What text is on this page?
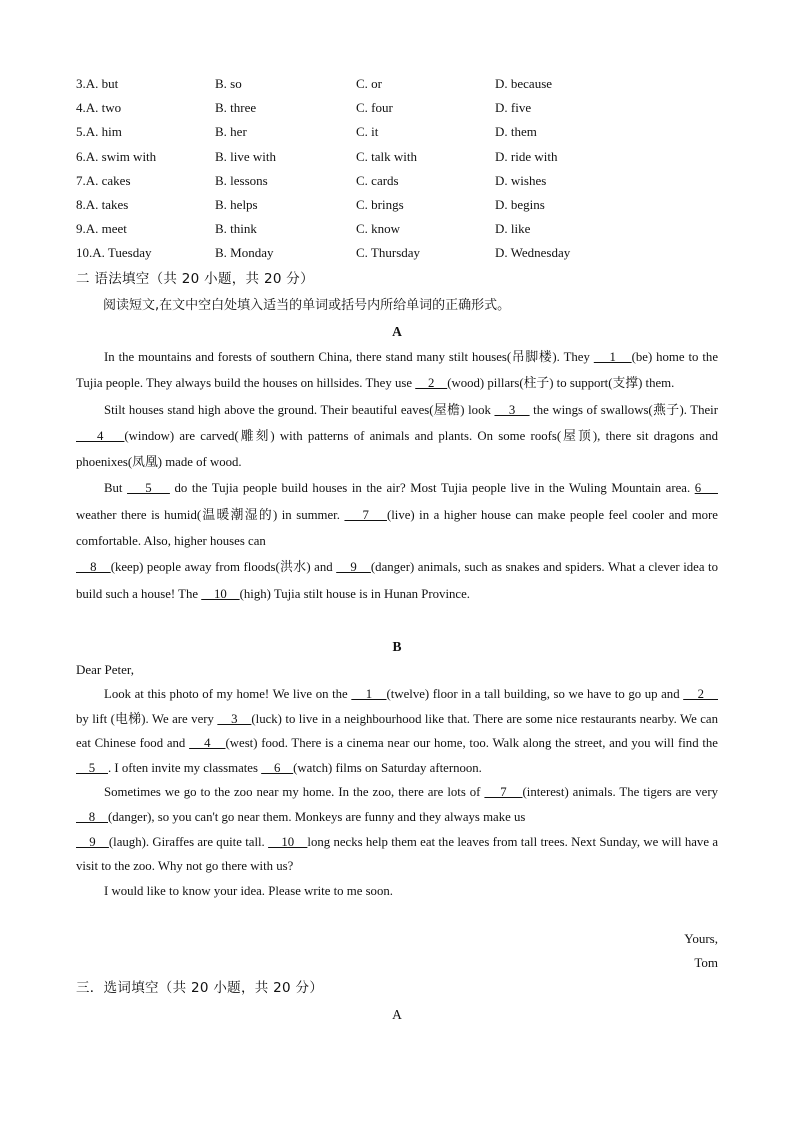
3.A. but	B. so	C. or	D. because
4.A. two	B. three	C. four	D. five
5.A. him	B. her	C. it	D. them
6.A. swim with	B. live with	C. talk with	D. ride with
7.A. cakes	B. lessons	C. cards	D. wishes
8.A. takes	B. helps	C. brings	D. begins
9.A. meet	B. think	C. know	D. like
10.A. Tuesday	B. Monday	C. Thursday	D. Wednesday
二 语法填空（共 20 小题，共 20 分）
阅读短文,在文中空白处填入适当的单词或括号内所给单词的正确形式。
A

In the mountains and forests of southern China, there stand many stilt houses(吊脚楼). They     1    (be) home to the Tujia people. They always build the houses on hillsides. They use     2    (wood) pillars(柱子) to support(支撑) them.

Stilt houses stand high above the ground. Their beautiful eaves(屋檐) look     3     the wings of swallows(燕子). Their     4    (window) are carved(雕刻) with patterns of animals and plants. On some roofs(屋顶), there sit dragons and phoenixes(凤凰) made of wood.

But     5     do the Tujia people build houses in the air? Most Tujia people live in the Wuling Mountain area. 6     weather there is humid(温暖潮湿的) in summer.     7    (live) in a higher house can make people feel cooler and more comfortable. Also, higher houses can

8    (keep) people away from floods(洪水) and     9    (danger) animals, such as snakes and spiders. What a clever idea to build such a house! The     10    (high) Tujia stilt house is in Hunan Province.

B
Dear Peter,

Look at this photo of my home! We live on the     1    (twelve) floor in a tall building, so we have to go up and     2     by lift (电梯). We are very     3    (luck) to live in a neighbourhood like that. There are some nice restaurants nearby. We can eat Chinese food and     4    (west) food. There is a cinema near our home, too. Walk along the street, and you will find the     5    . I often invite my classmates     6    (watch) films on Saturday afternoon.

Sometimes we go to the zoo near my home. In the zoo, there are lots of     7    (interest) animals. The tigers are very     8    (danger), so you can't go near them. Monkeys are funny and they always make us

9    (laugh). Giraffes are quite tall.     10    long necks help them eat the leaves from tall trees. Next Sunday, we will have a visit to the zoo. Why not go there with us?

I would like to know your idea. Please write to me soon.

Yours,
Tom
三．选词填空（共 20 小题，共 20 分）
A
